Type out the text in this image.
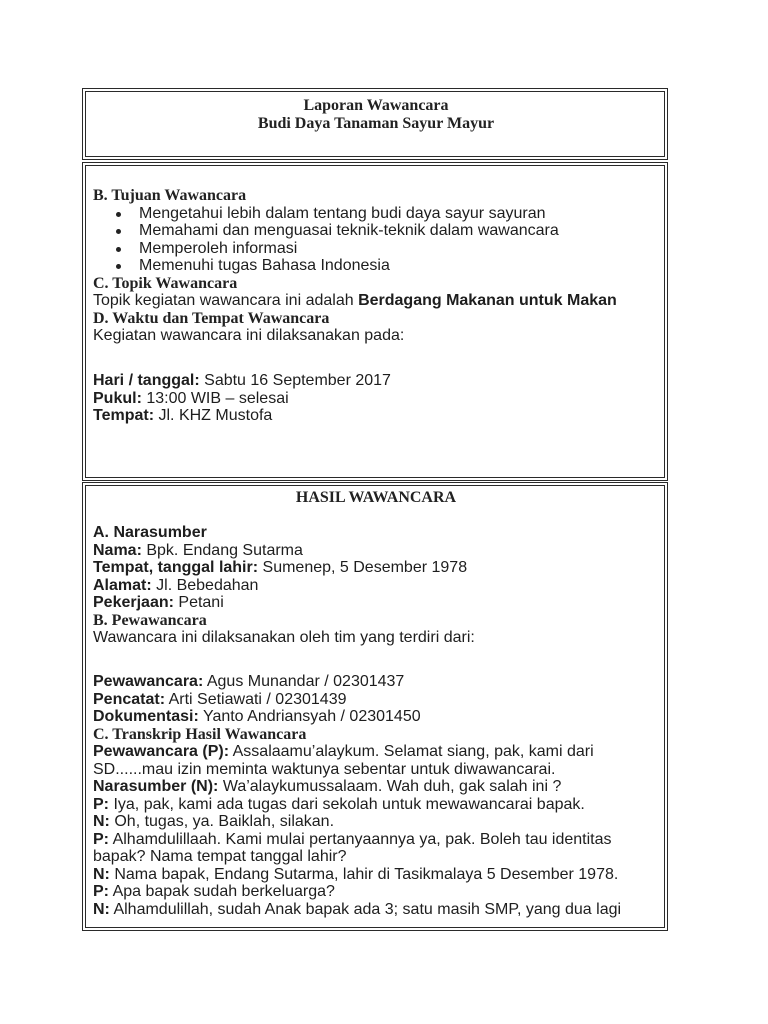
Laporan Wawancara
Budi Daya Tanaman Sayur Mayur
B. Tujuan Wawancara
Mengetahui lebih dalam tentang budi daya sayur sayuran
Memahami dan menguasai teknik-teknik dalam wawancara
Memperoleh informasi
Memenuhi tugas Bahasa Indonesia
C. Topik Wawancara
Topik kegiatan wawancara ini adalah Berdagang Makanan untuk Makan
D. Waktu dan Tempat Wawancara
Kegiatan wawancara ini dilaksanakan pada:
Hari / tanggal: Sabtu 16 September 2017
Pukul: 13:00 WIB – selesai
Tempat: Jl. KHZ Mustofa
HASIL WAWANCARA
A. Narasumber
Nama: Bpk. Endang Sutarma
Tempat, tanggal lahir: Sumenep, 5 Desember 1978
Alamat: Jl. Bebedahan
Pekerjaan: Petani
B. Pewawancara
Wawancara ini dilaksanakan oleh tim yang terdiri dari:
Pewawancara: Agus Munandar / 02301437
Pencatat: Arti Setiawati / 02301439
Dokumentasi: Yanto Andriansyah / 02301450
C. Transkrip Hasil Wawancara
Pewawancara (P): Assalaamu’alaykum. Selamat siang, pak, kami dari SD......mau izin meminta waktunya sebentar untuk diwawancarai.
Narasumber (N): Wa’alaykumussalaam. Wah duh, gak salah ini ?
P: Iya, pak, kami ada tugas dari sekolah untuk mewawancarai bapak.
N: Oh, tugas, ya. Baiklah, silakan.
P: Alhamdulillaah. Kami mulai pertanyaannya ya, pak. Boleh tau identitas bapak? Nama tempat tanggal lahir?
N: Nama bapak, Endang Sutarma, lahir di Tasikmalaya 5 Desember 1978.
P: Apa bapak sudah berkeluarga?
N: Alhamdulillah, sudah Anak bapak ada 3; satu masih SMP, yang dua lagi
